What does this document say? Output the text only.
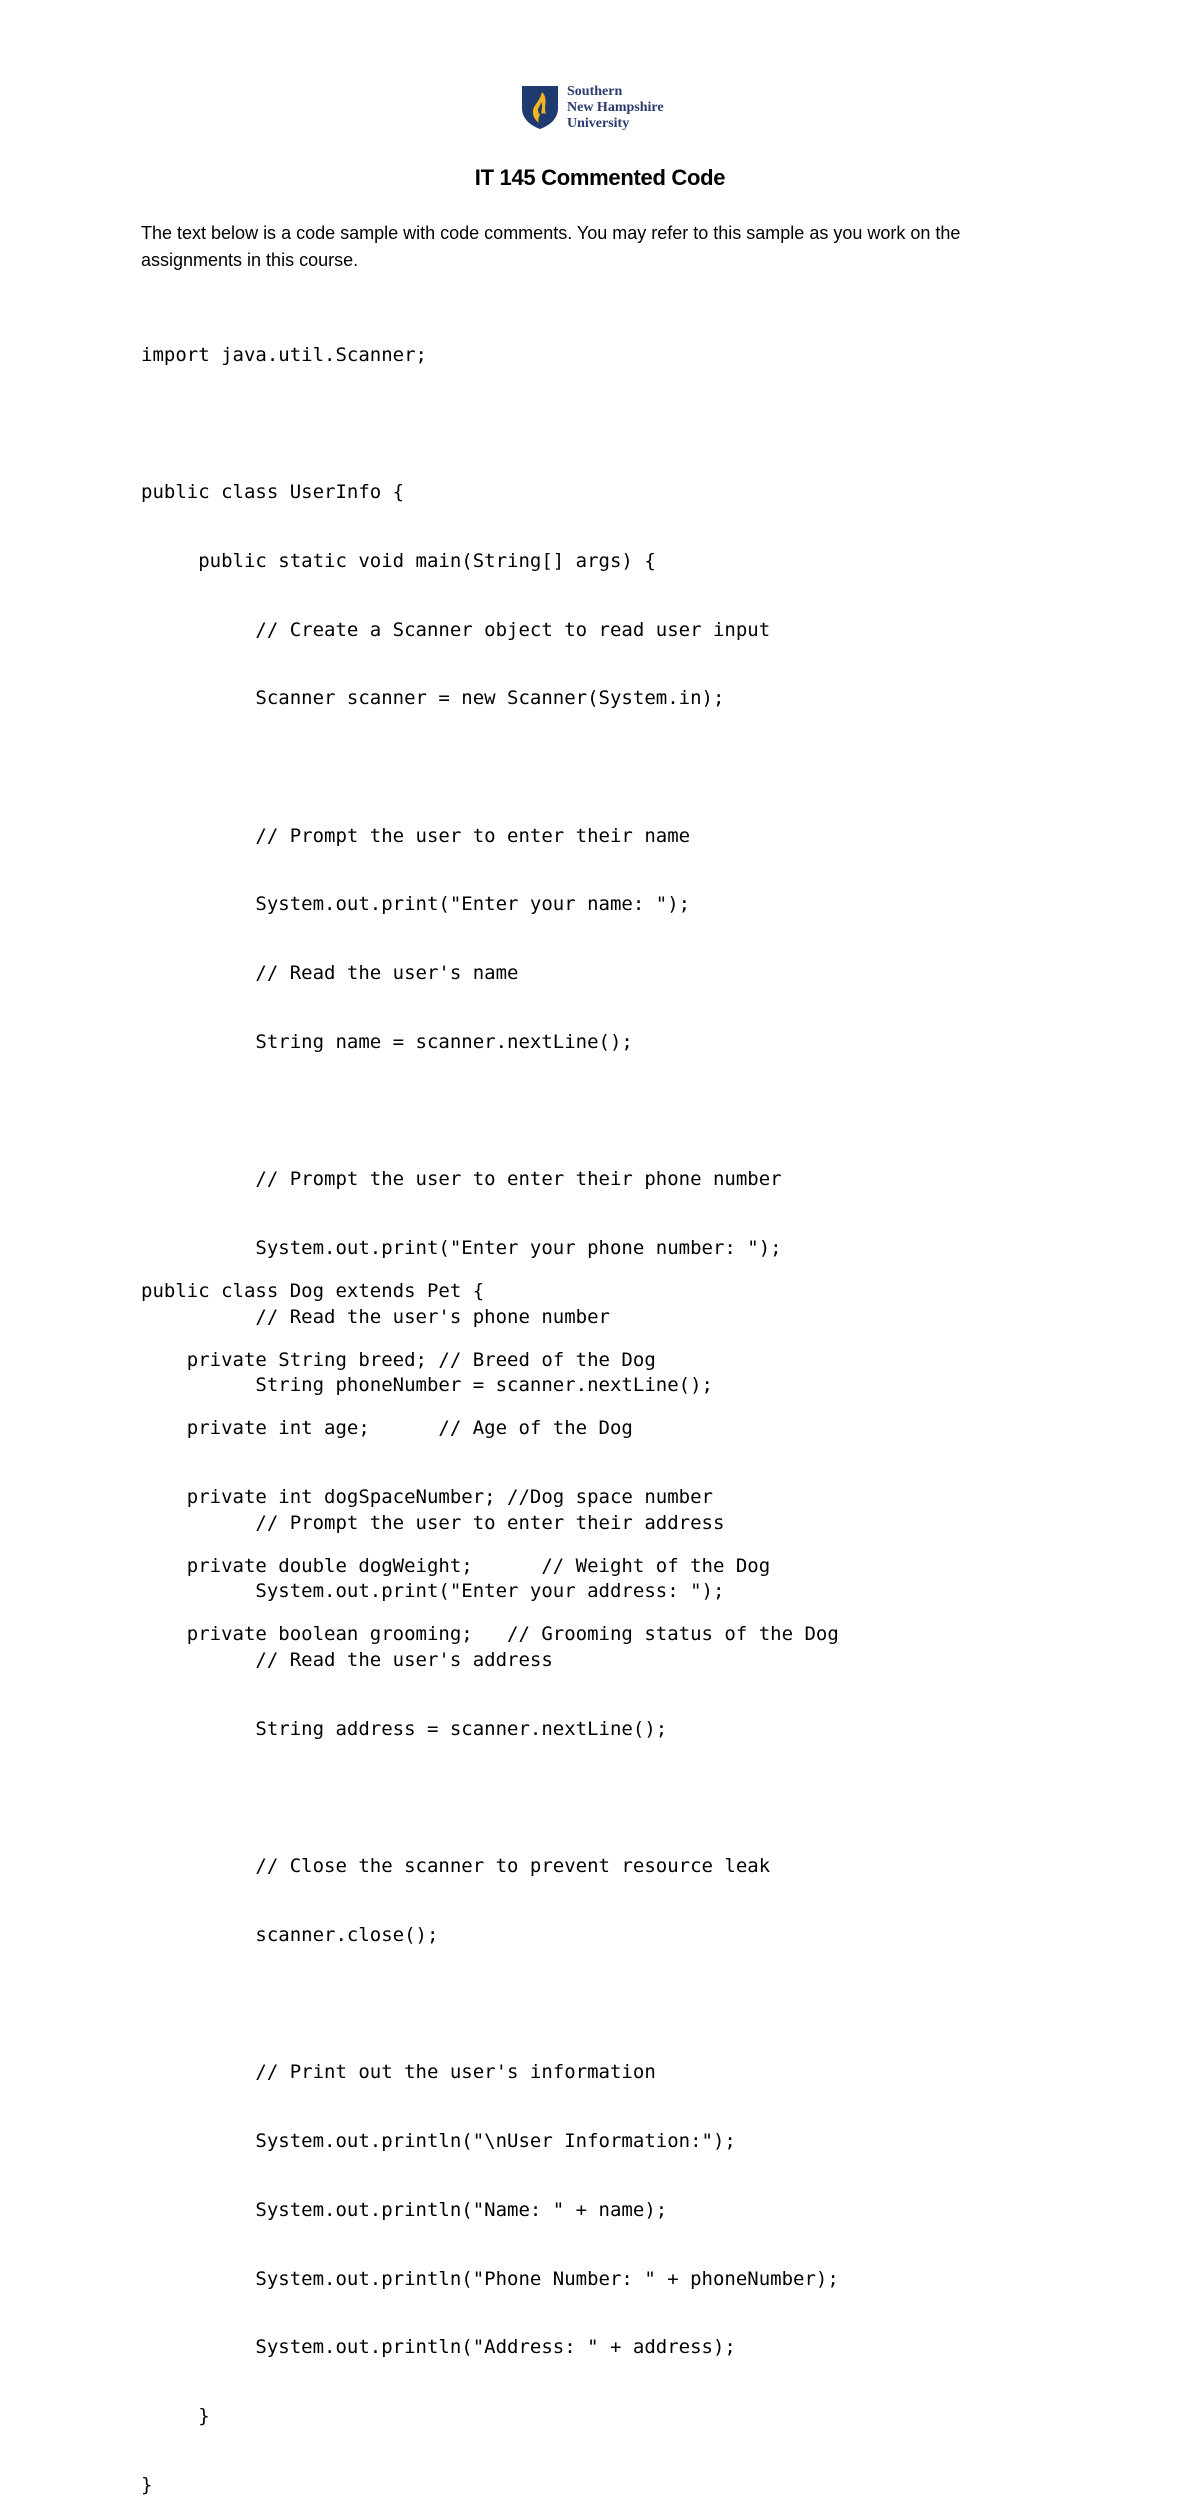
Southern
New Hampshire
University
IT 145 Commented Code
The text below is a code sample with code comments. You may refer to this sample as you work on the assignments in this course.

import java.util.Scanner;

public class UserInfo {

public static void main(String[] args) {

// Create a Scanner object to read user input

Scanner scanner = new Scanner(System.in);

// Prompt the user to enter their name

System.out.print("Enter your name: ");

// Read the user's name

String name = scanner.nextLine();

// Prompt the user to enter their phone number

System.out.print("Enter your phone number: ");

// Read the user's phone number

String phoneNumber = scanner.nextLine();

// Prompt the user to enter their address

System.out.print("Enter your address: ");

// Read the user's address

String address = scanner.nextLine();

// Close the scanner to prevent resource leak

scanner.close();

// Print out the user's information

System.out.println("\nUser Information:");

System.out.println("Name: " + name);

System.out.println("Phone Number: " + phoneNumber);

System.out.println("Address: " + address);

}

}

public class Dog extends Pet {

private String breed; // Breed of the Dog

private int age;      // Age of the Dog

private int dogSpaceNumber; //Dog space number

private double dogWeight;      // Weight of the Dog

private boolean grooming;   // Grooming status of the Dog
